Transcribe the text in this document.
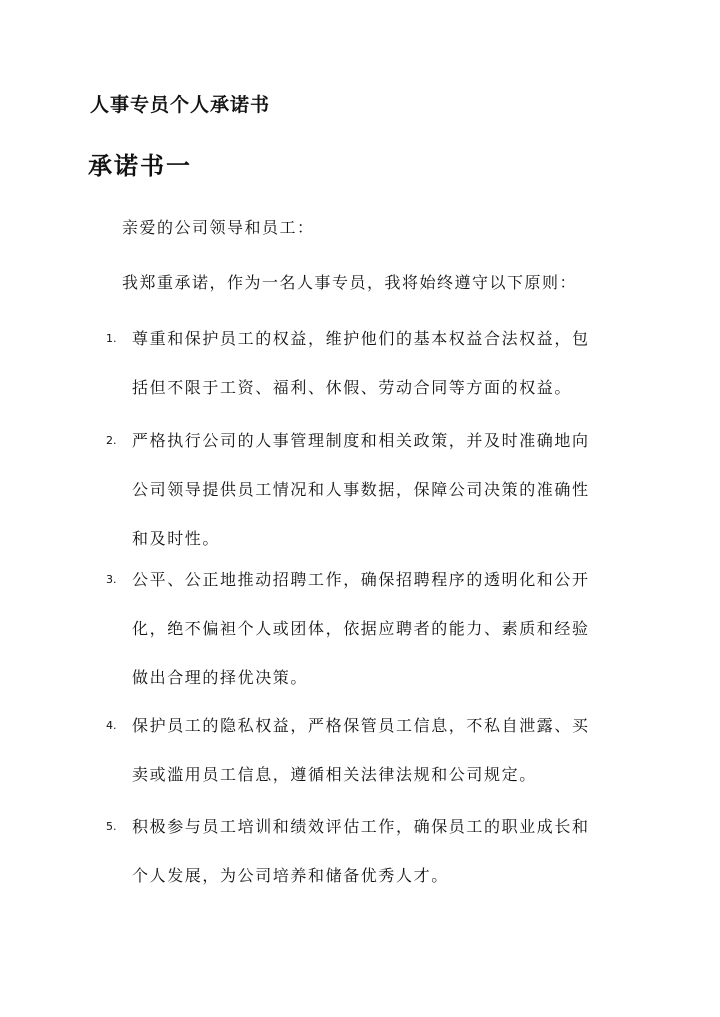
人事专员个人承诺书
承诺书一
亲爱的公司领导和员工：
我郑重承诺，作为一名人事专员，我将始终遵守以下原则：
1. 尊重和保护员工的权益，维护他们的基本权益合法权益，包
括但不限于工资、福利、休假、劳动合同等方面的权益。
2. 严格执行公司的人事管理制度和相关政策，并及时准确地向
公司领导提供员工情况和人事数据，保障公司决策的准确性
和及时性。
3. 公平、公正地推动招聘工作，确保招聘程序的透明化和公开
化，绝不偏袒个人或团体，依据应聘者的能力、素质和经验
做出合理的择优决策。
4. 保护员工的隐私权益，严格保管员工信息，不私自泄露、买
卖或滥用员工信息，遵循相关法律法规和公司规定。
5. 积极参与员工培训和绩效评估工作，确保员工的职业成长和
个人发展，为公司培养和储备优秀人才。
